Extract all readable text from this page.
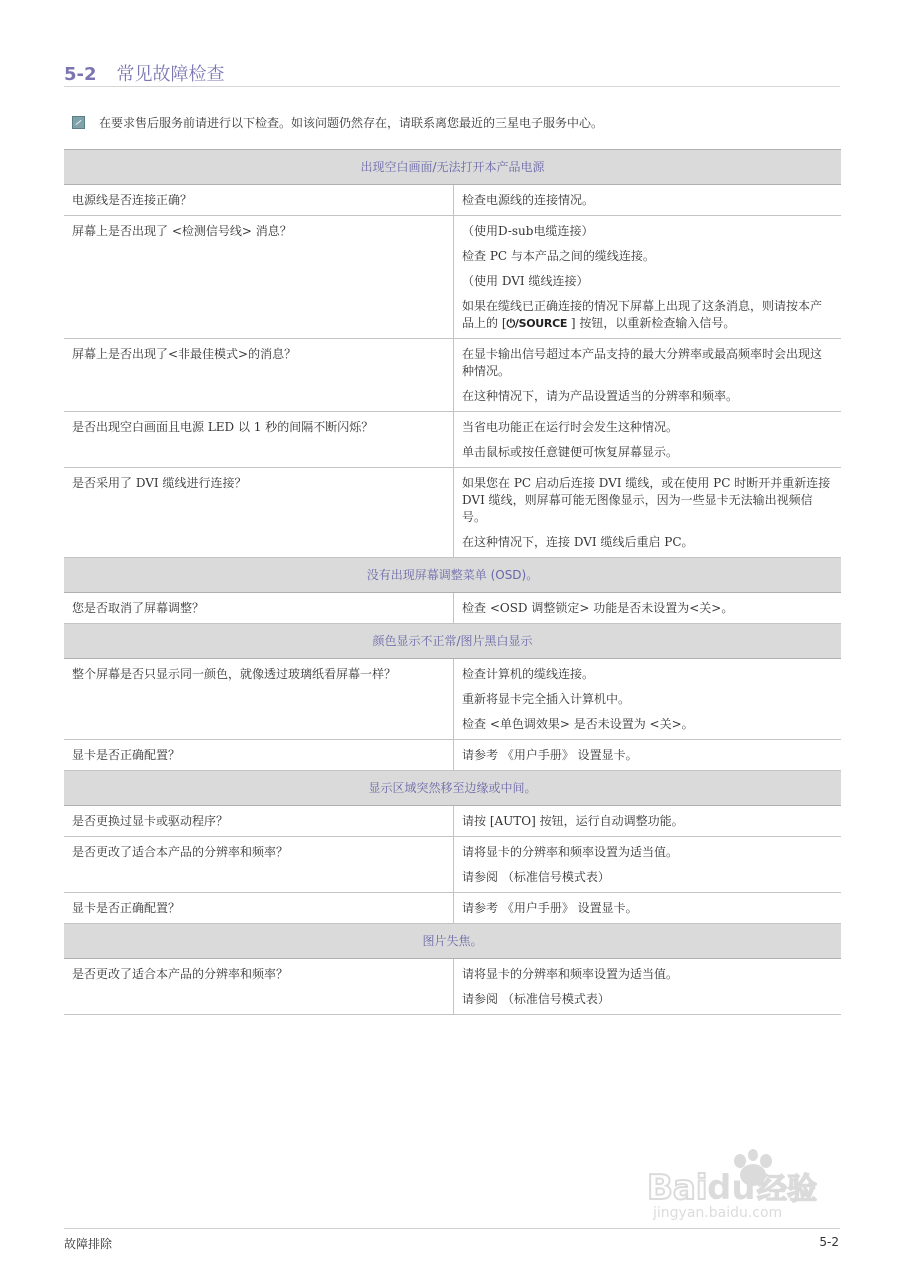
5-2 常见故障检查
在要求售后服务前请进行以下检查。如该问题仍然存在，请联系离您最近的三星电子服务中心。
出现空白画面/无法打开本产品电源	
电源线是否连接正确？	检查电源线的连接情况。

屏幕上是否出现了 <检测信号线> 消息？	（使用D-sub电缆连接）

检查 PC 与本产品之间的缆线连接。

（使用 DVI 缆线连接）

如果在缆线已正确连接的情况下屏幕上出现了这条消息，则请按本产品上的 [⏻/SOURCE ] 按钮，以重新检查输入信号。

屏幕上是否出现了<非最佳模式>的消息？	在显卡输出信号超过本产品支持的最大分辨率或最高频率时会出现这种情况。

在这种情况下，请为产品设置适当的分辨率和频率。

是否出现空白画面且电源 LED 以 1 秒的间隔不断闪烁？	当省电功能正在运行时会发生这种情况。

单击鼠标或按任意键便可恢复屏幕显示。

是否采用了 DVI 缆线进行连接？	如果您在 PC 启动后连接 DVI 缆线，或在使用 PC 时断开并重新连接 DVI 缆线，则屏幕可能无图像显示，因为一些显卡无法输出视频信号。

在这种情况下，连接 DVI 缆线后重启 PC。

没有出现屏幕调整菜单 (OSD)。	
您是否取消了屏幕调整？	检查 <OSD 调整锁定> 功能是否未设置为<关>。

颜色显示不正常/图片黑白显示	
整个屏幕是否只显示同一颜色，就像透过玻璃纸看屏幕一样？	检查计算机的缆线连接。

重新将显卡完全插入计算机中。

检查 <单色调效果> 是否未设置为 <关>。

显卡是否正确配置？	请参考 《用户手册》 设置显卡。

显示区域突然移至边缘或中间。	
是否更换过显卡或驱动程序？	请按 [AUTO] 按钮，运行自动调整功能。

是否更改了适合本产品的分辨率和频率？	请将显卡的分辨率和频率设置为适当值。

请参阅 （标准信号模式表）

显卡是否正确配置？	请参考 《用户手册》 设置显卡。

图片失焦。	
是否更改了适合本产品的分辨率和频率？	请将显卡的分辨率和频率设置为适当值。

请参阅 （标准信号模式表）

Bai du 经验
jingyan.baidu.com
故障排除	5-2
